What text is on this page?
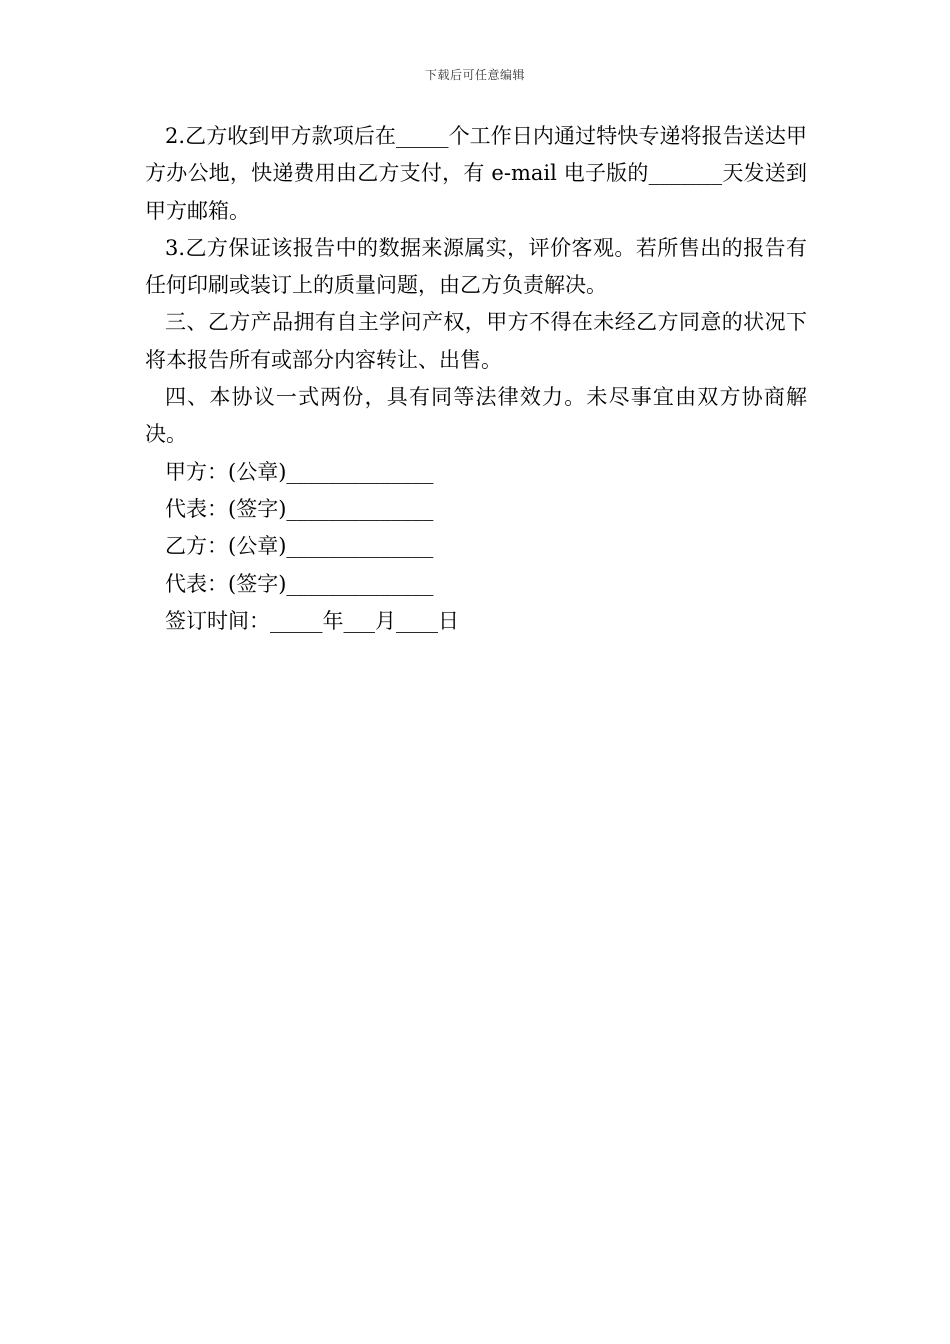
下载后可任意编辑

2.乙方收到甲方款项后在_____个工作日内通过特快专递将报告送达甲方办公地，快递费用由乙方支付，有 e-mail 电子版的_______天发送到甲方邮箱。

3.乙方保证该报告中的数据来源属实，评价客观。若所售出的报告有任何印刷或装订上的质量问题，由乙方负责解决。

三、乙方产品拥有自主学问产权，甲方不得在未经乙方同意的状况下将本报告所有或部分内容转让、出售。

四、本协议一式两份，具有同等法律效力。未尽事宜由双方协商解决。

甲方：(公章)______________

代表：(签字)______________

乙方：(公章)______________

代表：(签字)______________

签订时间：_____年___月____日
